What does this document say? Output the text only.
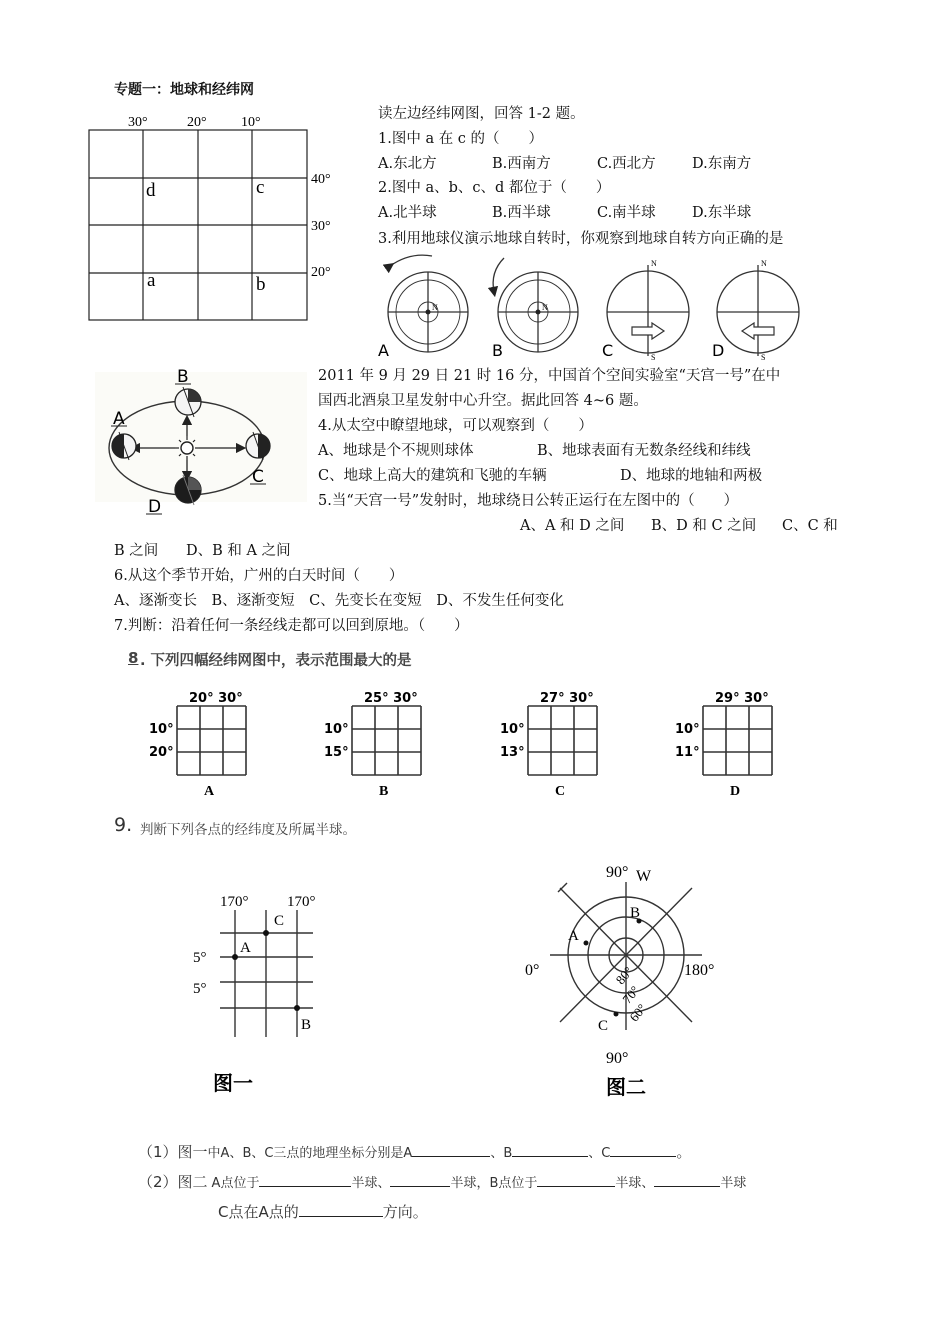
专题一：地球和经纬网
30°	20° 10°
40°
30°
20°
d	c
a	b
读左边经纬网图，回答 1-2 题。
1.图中 a 在 c 的（　　）
A.东北方	B.西南方	C.西北方	D.东南方
2.图中 a、b、c、d 都位于（　　）
A.北半球	B.西半球	C.南半球	D.东半球
3.利用地球仪演示地球自转时，你观察到地球自转方向正确的是
N	N
N
S
N
S
A	B	C	D
B
A
C
D
2011 年 9 月 29 日 21 时 16 分，中国首个空间实验室“天宫一号”在中
国西北酒泉卫星发射中心升空。据此回答 4~6 题。
4.从太空中瞭望地球，可以观察到（　　）
A、地球是个不规则球体	B、地球表面有无数条经线和纬线
C、地球上高大的建筑和飞驰的车辆	D、地球的地轴和两极
5.当“天宫一号”发射时，地球绕日公转正运行在左图中的（　　）
A、A 和 D 之间 B、D 和 C 之间 C、C 和
B 之间 D、B 和 A 之间
6.从这个季节开始，广州的白天时间（　　）
A、逐渐变长　B、逐渐变短　C、先变长在变短　D、不发生任何变化
7.判断：沿着任何一条经线走都可以回到原地。（　　）
8 . 下列四幅经纬网图中，表示范围最大的是
20° 30°
10°
20°
A
25° 30°
10°
15°
B
27° 30°
10°
13°
C
29° 30°
10°
11°
D
9. 判断下列各点的经纬度及所属半球。
170°	170°
5°
5°
A
C
B
图一
90° W
0°	180°
90°
A
B
C
80°
70°
60°
图二
（1）图一中A、B、C三点的地理坐标分别是A	、B	、C	。
（2）图二 A点位于	半球、	半球，B点位于	半球、	半球
C点在A点的	方向。
